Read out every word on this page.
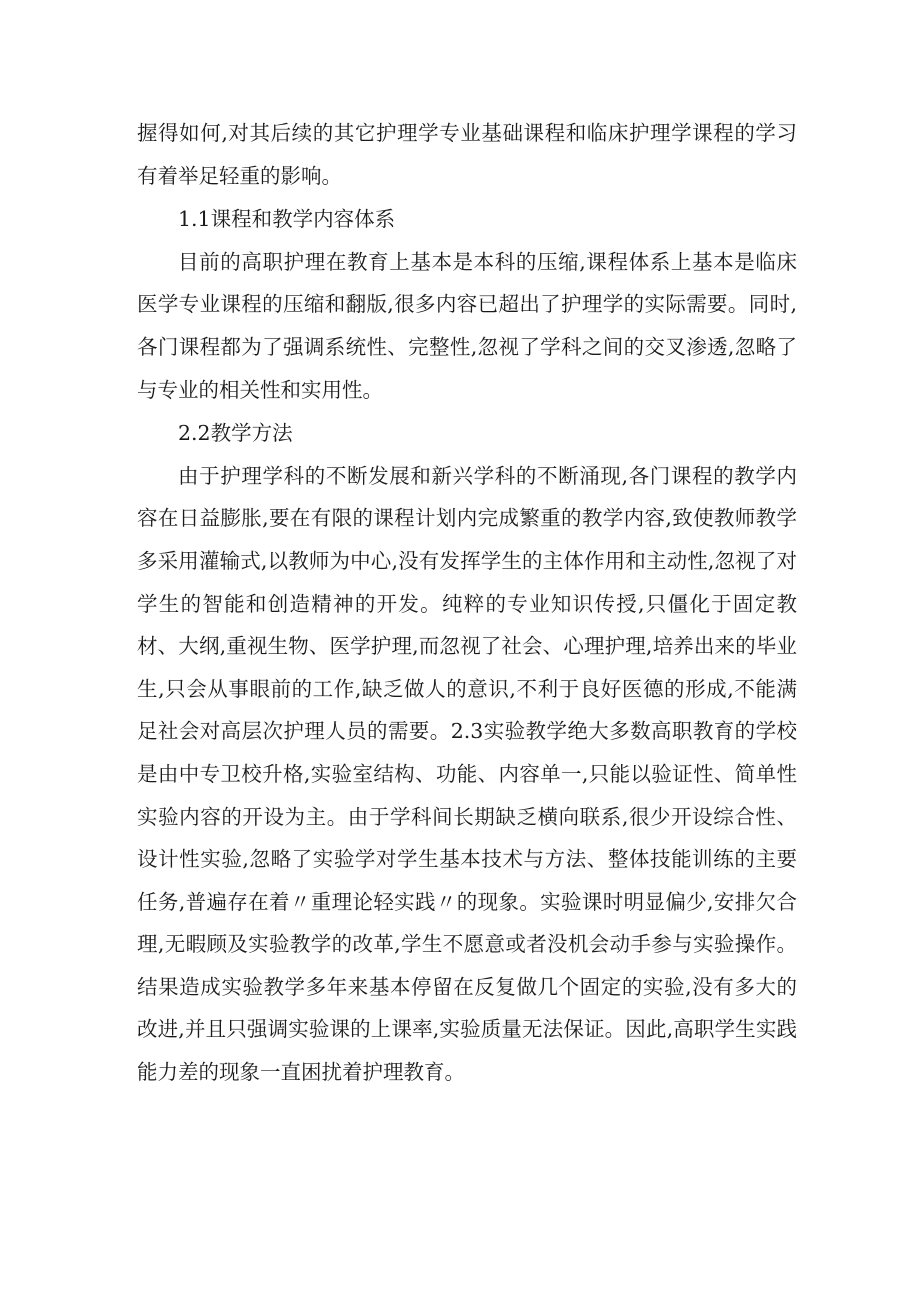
握得如何,对其后续的其它护理学专业基础课程和临床护理学课程的学习有着举足轻重的影响。

1.1课程和教学内容体系

目前的高职护理在教育上基本是本科的压缩,课程体系上基本是临床医学专业课程的压缩和翻版,很多内容已超出了护理学的实际需要。同时,各门课程都为了强调系统性、完整性,忽视了学科之间的交叉渗透,忽略了与专业的相关性和实用性。

2.2教学方法

由于护理学科的不断发展和新兴学科的不断涌现,各门课程的教学内容在日益膨胀,要在有限的课程计划内完成繁重的教学内容,致使教师教学多采用灌输式,以教师为中心,没有发挥学生的主体作用和主动性,忽视了对学生的智能和创造精神的开发。纯粹的专业知识传授,只僵化于固定教材、大纲,重视生物、医学护理,而忽视了社会、心理护理,培养出来的毕业生,只会从事眼前的工作,缺乏做人的意识,不利于良好医德的形成,不能满足社会对高层次护理人员的需要。2.3实验教学绝大多数高职教育的学校是由中专卫校升格,实验室结构、功能、内容单一,只能以验证性、简单性实验内容的开设为主。由于学科间长期缺乏横向联系,很少开设综合性、设计性实验,忽略了实验学对学生基本技术与方法、整体技能训练的主要任务,普遍存在着〃重理论轻实践〃的现象。实验课时明显偏少,安排欠合理,无暇顾及实验教学的改革,学生不愿意或者没机会动手参与实验操作。结果造成实验教学多年来基本停留在反复做几个固定的实验,没有多大的改进,并且只强调实验课的上课率,实验质量无法保证。因此,高职学生实践能力差的现象一直困扰着护理教育。
